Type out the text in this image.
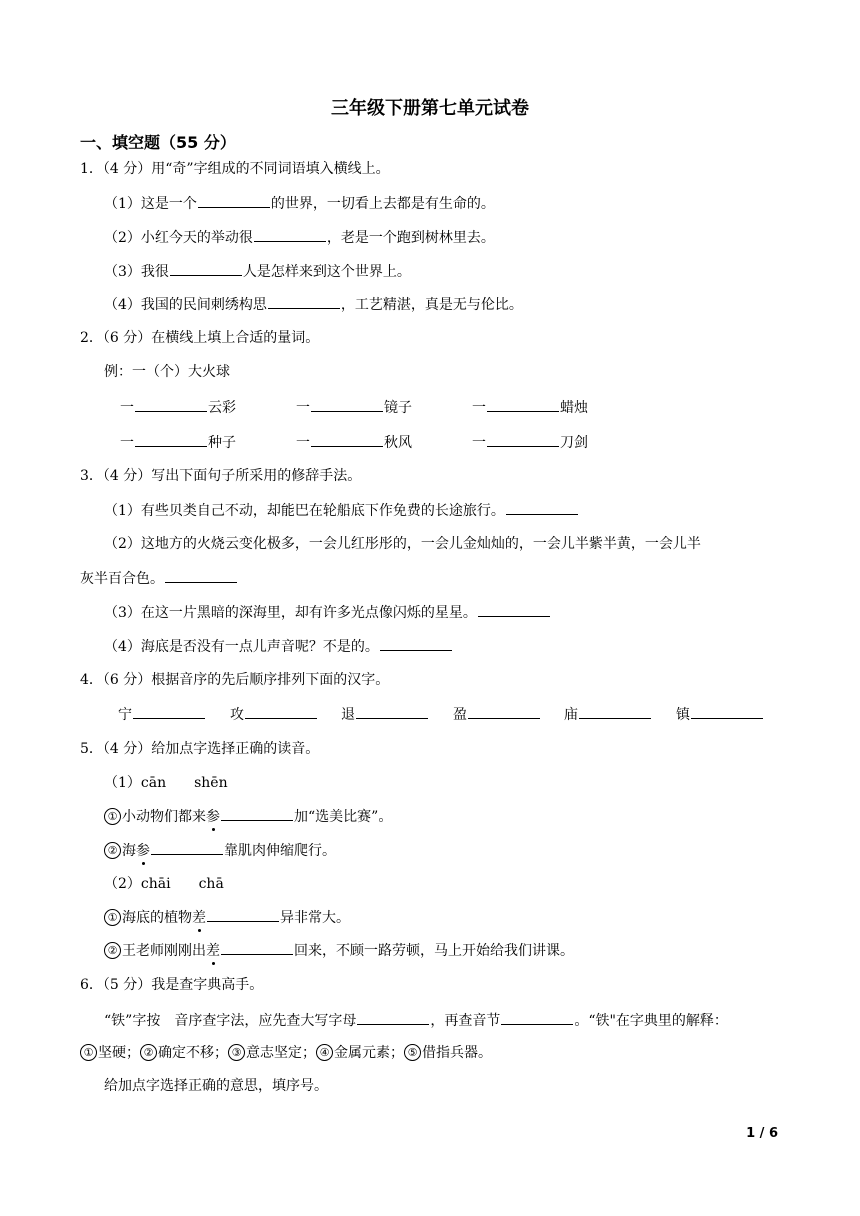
三年级下册第七单元试卷
一、填空题（55 分）
1．（4 分）用“奇”字组成的不同词语填入横线上。
（1）这是一个	的世界，一切看上去都是有生命的。
（2）小红今天的举动很	，老是一个跑到树林里去。
（3）我很	人是怎样来到这个世界上。
（4）我国的民间刺绣构思	，工艺精湛，真是无与伦比。
2．（6 分）在横线上填上合适的量词。
例：一（个）大火球
一	云彩	一	镜子	一	蜡烛
一	种子	一	秋风	一	刀剑
3．（4 分）写出下面句子所采用的修辞手法。
（1）有些贝类自己不动，却能巴在轮船底下作免费的长途旅行。
（2）这地方的火烧云变化极多，一会儿红彤彤的，一会儿金灿灿的，一会儿半紫半黄，一会儿半
灰半百合色。
（3）在这一片黑暗的深海里，却有许多光点像闪烁的星星。
（4）海底是否没有一点儿声音呢？不是的。
4．（6 分）根据音序的先后顺序排列下面的汉字。
宁	攻	退	盈	庙	镇
5．（4 分）给加点字选择正确的读音。
（1）cān　　shēn
① 小动物们都来参	加“选美比赛”。
② 海参	靠肌肉伸缩爬行。
（2）chāi　　chā
① 海底的植物差	异非常大。
② 王老师刚刚出差	回来，不顾一路劳顿，马上开始给我们讲课。
6．（5 分）我是查字典高手。
“铁”字按　音序查字法，应先查大写字母	，再查音节	。“铁"在字典里的解释：
① 坚硬； ② 确定不移； ③ 意志坚定； ④ 金属元素； ⑤ 借指兵器。
给加点字选择正确的意思，填序号。
1 / 6
